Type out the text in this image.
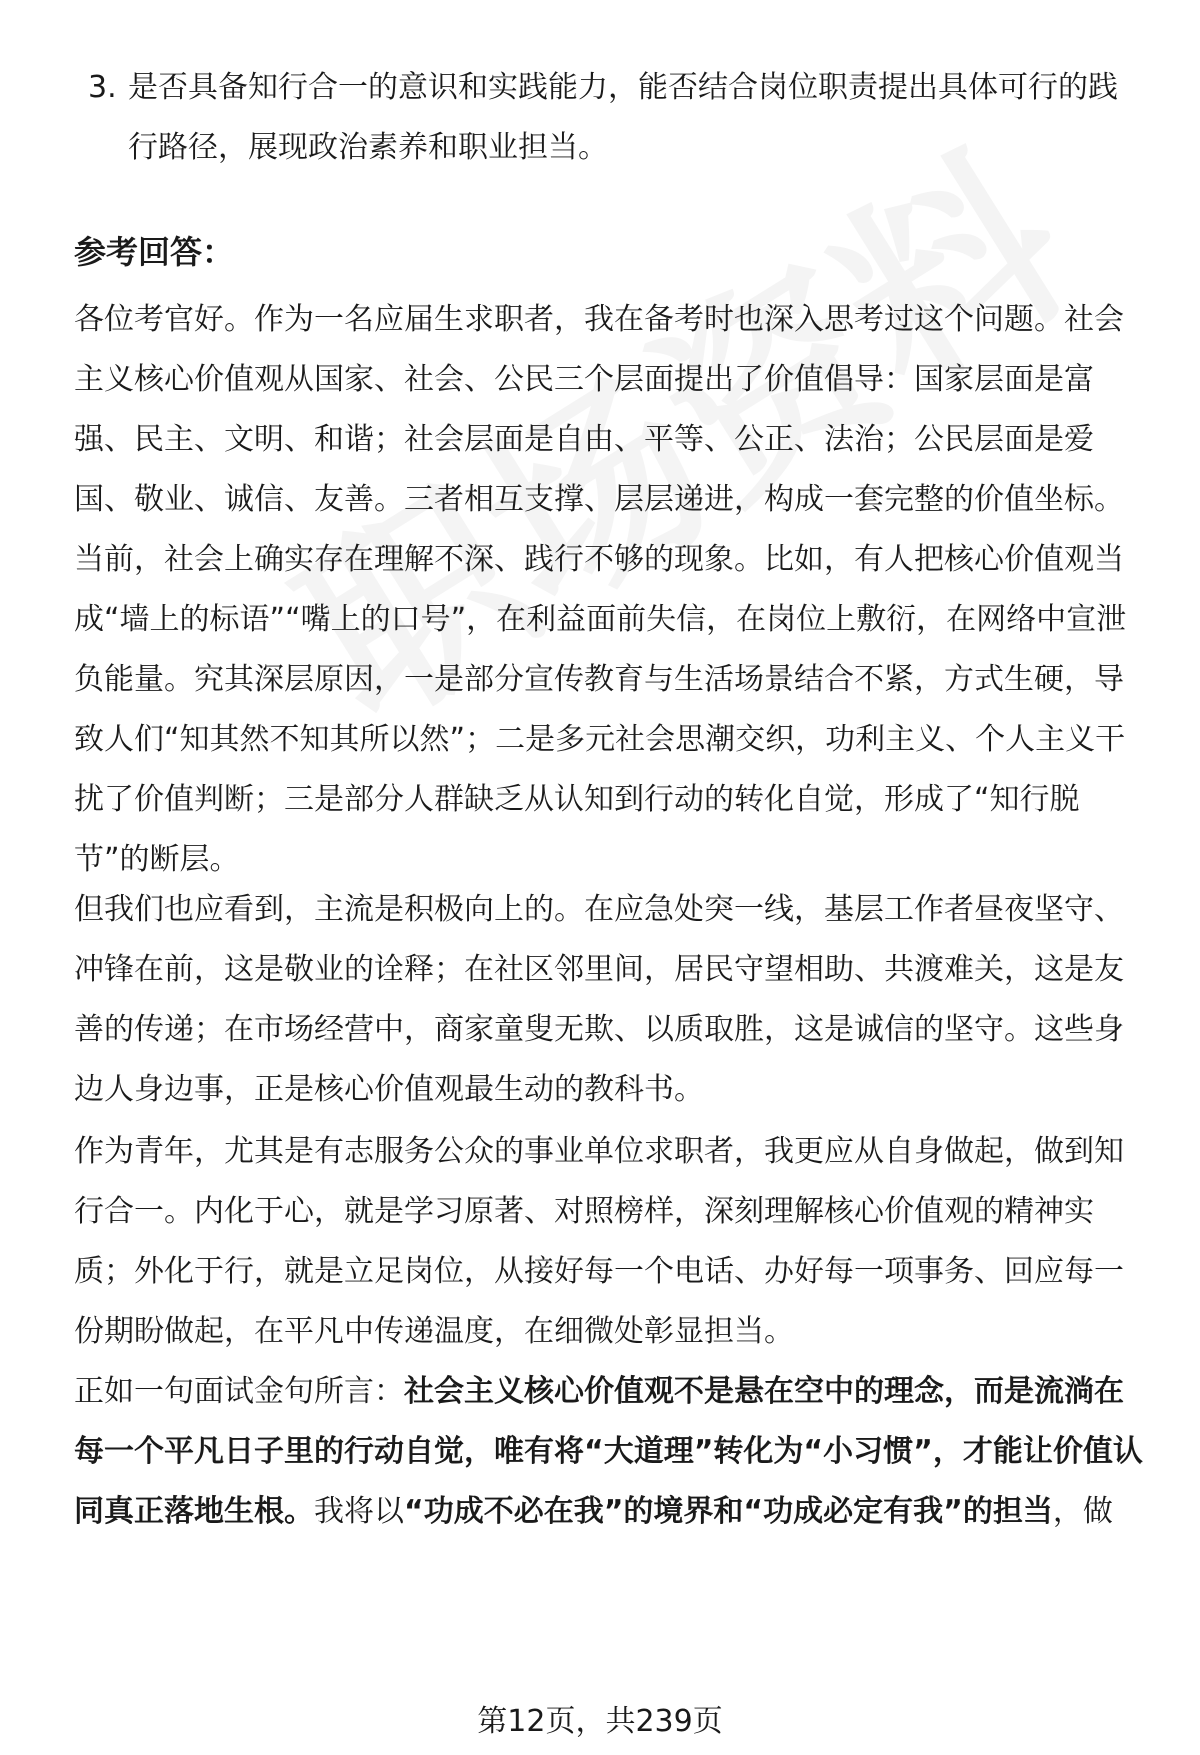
3. 是否具备知行合一的意识和实践能力，能否结合岗位职责提出具体可行的践行路径，展现政治素养和职业担当。
参考回答：
各位考官好。作为一名应届生求职者，我在备考时也深入思考过这个问题。社会主义核心价值观从国家、社会、公民三个层面提出了价值倡导：国家层面是富强、民主、文明、和谐；社会层面是自由、平等、公正、法治；公民层面是爱国、敬业、诚信、友善。三者相互支撑、层层递进，构成一套完整的价值坐标。
当前，社会上确实存在理解不深、践行不够的现象。比如，有人把核心价值观当成“墙上的标语”“嘴上的口号”，在利益面前失信，在岗位上敷衍，在网络中宣泄负能量。究其深层原因，一是部分宣传教育与生活场景结合不紧，方式生硬，导致人们“知其然不知其所以然”；二是多元社会思潮交织，功利主义、个人主义干扰了价值判断；三是部分人群缺乏从认知到行动的转化自觉，形成了“知行脱节”的断层。
但我们也应看到，主流是积极向上的。在应急处突一线，基层工作者昼夜坚守、冲锋在前，这是敬业的诠释；在社区邻里间，居民守望相助、共渡难关，这是友善的传递；在市场经营中，商家童叟无欺、以质取胜，这是诚信的坚守。这些身边人身边事，正是核心价值观最生动的教科书。
作为青年，尤其是有志服务公众的事业单位求职者，我更应从自身做起，做到知行合一。内化于心，就是学习原著、对照榜样，深刻理解核心价值观的精神实质；外化于行，就是立足岗位，从接好每一个电话、办好每一项事务、回应每一份期盼做起，在平凡中传递温度，在细微处彰显担当。
正如一句面试金句所言：社会主义核心价值观不是悬在空中的理念，而是流淌在每一个平凡日子里的行动自觉，唯有将“大道理”转化为“小习惯”，才能让价值认同真正落地生根。我将以“功成不必在我”的境界和“功成必定有我”的担当，做
第12页，共239页
